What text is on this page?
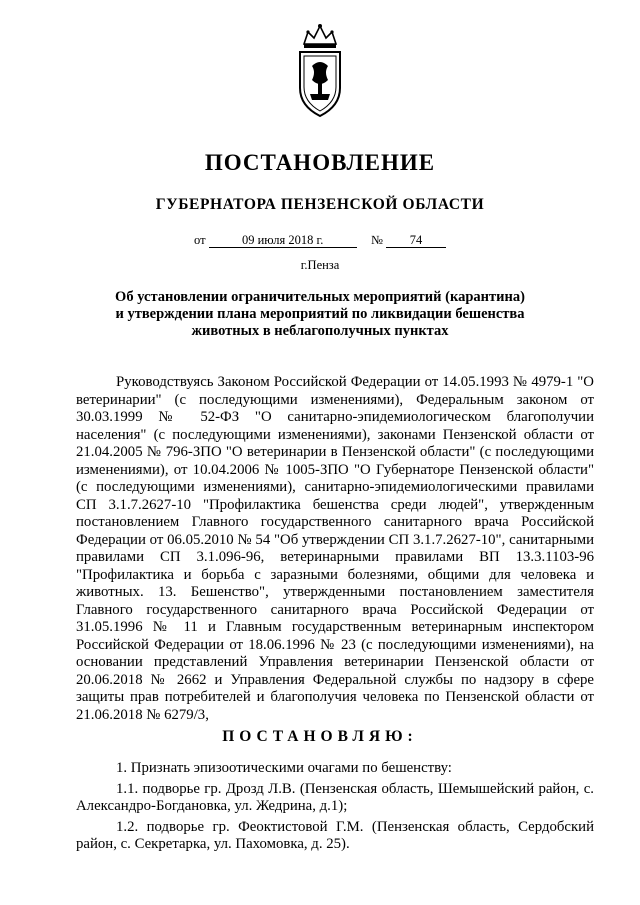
ПОСТАНОВЛЕНИЕ
ГУБЕРНАТОРА ПЕНЗЕНСКОЙ ОБЛАСТИ
от	09 июля 2018 г.	№ 74
г.Пенза
Об установлении ограничительных мероприятий (карантина) и утверждении плана мероприятий по ликвидации бешенства животных в неблагополучных пунктах

Руководствуясь Законом Российской Федерации от 14.05.1993 № 4979-1 "О ветеринарии" (с последующими изменениями), Федеральным законом от 30.03.1999 № 52-ФЗ "О санитарно-эпидемиологическом благополучии населения" (с последующими изменениями), законами Пензенской области от 21.04.2005 № 796-ЗПО "О ветеринарии в Пензенской области" (с последующими изменениями), от 10.04.2006 № 1005-ЗПО "О Губернаторе Пензенской области" (с последующими изменениями), санитарно-эпидемиологическими правилами СП 3.1.7.2627-10 "Профилактика бешенства среди людей", утвержденным постановлением Главного государственного санитарного врача Российской Федерации от 06.05.2010 № 54 "Об утверждении СП 3.1.7.2627-10", санитарными правилами СП 3.1.096-96, ветеринарными правилами ВП 13.3.1103-96 "Профилактика и борьба с заразными болезнями, общими для человека и животных. 13. Бешенство", утвержденными постановлением заместителя Главного государственного санитарного врача Российской Федерации от 31.05.1996 № 11 и Главным государственным ветеринарным инспектором Российской Федерации от 18.06.1996 № 23 (с последующими изменениями), на основании представлений Управления ветеринарии Пензенской области от 20.06.2018 № 2662 и Управления Федеральной службы по надзору в сфере защиты прав потребителей и благополучия человека по Пензенской области от 21.06.2018 № 6279/3,

ПОСТАНОВЛЯЮ:

1. Признать эпизоотическими очагами по бешенству:

1.1. подворье гр. Дрозд Л.В. (Пензенская область, Шемышейский район, с. Александро-Богдановка, ул. Жедрина, д.1);

1.2. подворье гр. Феоктистовой Г.М. (Пензенская область, Сердобский район, с. Секретарка, ул. Пахомовка, д. 25).
